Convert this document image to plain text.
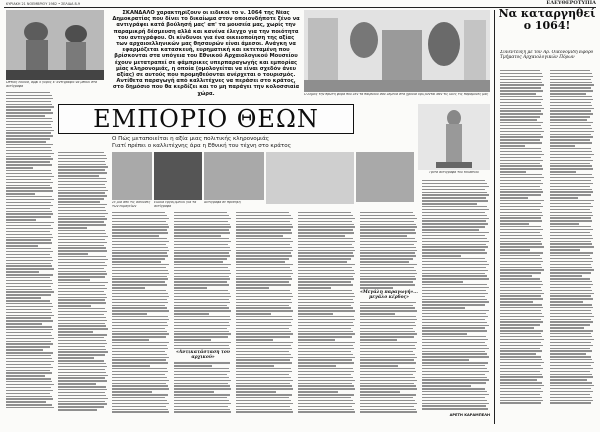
ΚΥΡΙΑΚΗ 21 ΝΟΕΜΒΡΙΟΥ 1982 • ΣΕΛΙΔΑ 8-9	ΕΛΕΥΘΕΡΟΤΥΠΙΑ
Οπτική εικόνα, αμφί ο γύρος κ' αντιγράφοι να μπουν στα αντίγραφα
ΣΚΑΝΔΑΛΟ χαρακτηρίζουν οι ειδικοί το ν. 1064 της Νέας Δημοκρατίας που δίνει το δικαίωμα στον οποιονδήποτε ξένο να αντιγράφει κατά βούλησή μας' απ' τα μουσεία μας, χωρίς την παραμικρή δέσμευση αλλά και κανένα έλεγχο για την ποιότητα του αντιγράφου. Οι κίνδυνοι για ένα οικειοποίηση της αξίας των αρχαιοελληνικών μας θησαυρών είναι άμεσοι. Ανάγκη να εφαρμόζεται κατασκευή, ευρηματική και εκτεταμένη που βρίσκονται στα υπόγεια του Εθνικού Αρχαιολογικού Μουσείου έχουν μετατραπεί σε φάμπρικες υπερπαραγωγής και εμπορίας μίας κληρονομιάς, η οποία (ομολογείται να είναι σχεδόν άνευ αξίας) σε αυτούς που προμηθεύονται ανέρχεται ο τουρισμός. Αντίθετα παραγωγή από καλλιτέχνες να περάσει στο κράτος, στο δημόσιο που θα κερδίζει και το μη παράγει την κολοσσιαία χώρα.	Ο Δήμος την πρώτη φορά που δεν τα παίρνουν σαν δεμένα στα χρόνια ορίζουνται σαν τις ίδιες τις παραμονές μας
ΕΜΠΟΡΙΟ ΘΕΩΝ
Ο Πώς μεταποιείται η αξία μιας πολιτικής κληρονομιάς
Γιατί πρέπει ο καλλιτέχνης άρα η Εθνική του τέχνη στο κράτος
Σε μία από τις αίθουσες των εκμαγείων
Ειδικά εργαζόμενοι για τα αντίγραφα
Αντίγραφα σε προθήκη
Τρίτα αντίγραφα του Μουσείου
«Αντικατάσταση του αρχικού»
«Μεγάλη παραγωγή»... μεγάλο κέρδος»
ΑΡΕΤΗ ΚΑΡΑΜΠΕΛΗ
Να καταργηθεί ο 1064!
Συνέντευξη με τον Αρ. Οικονομίδη Εφορο Τμήματος Αρχαιολογικών Πόρων
